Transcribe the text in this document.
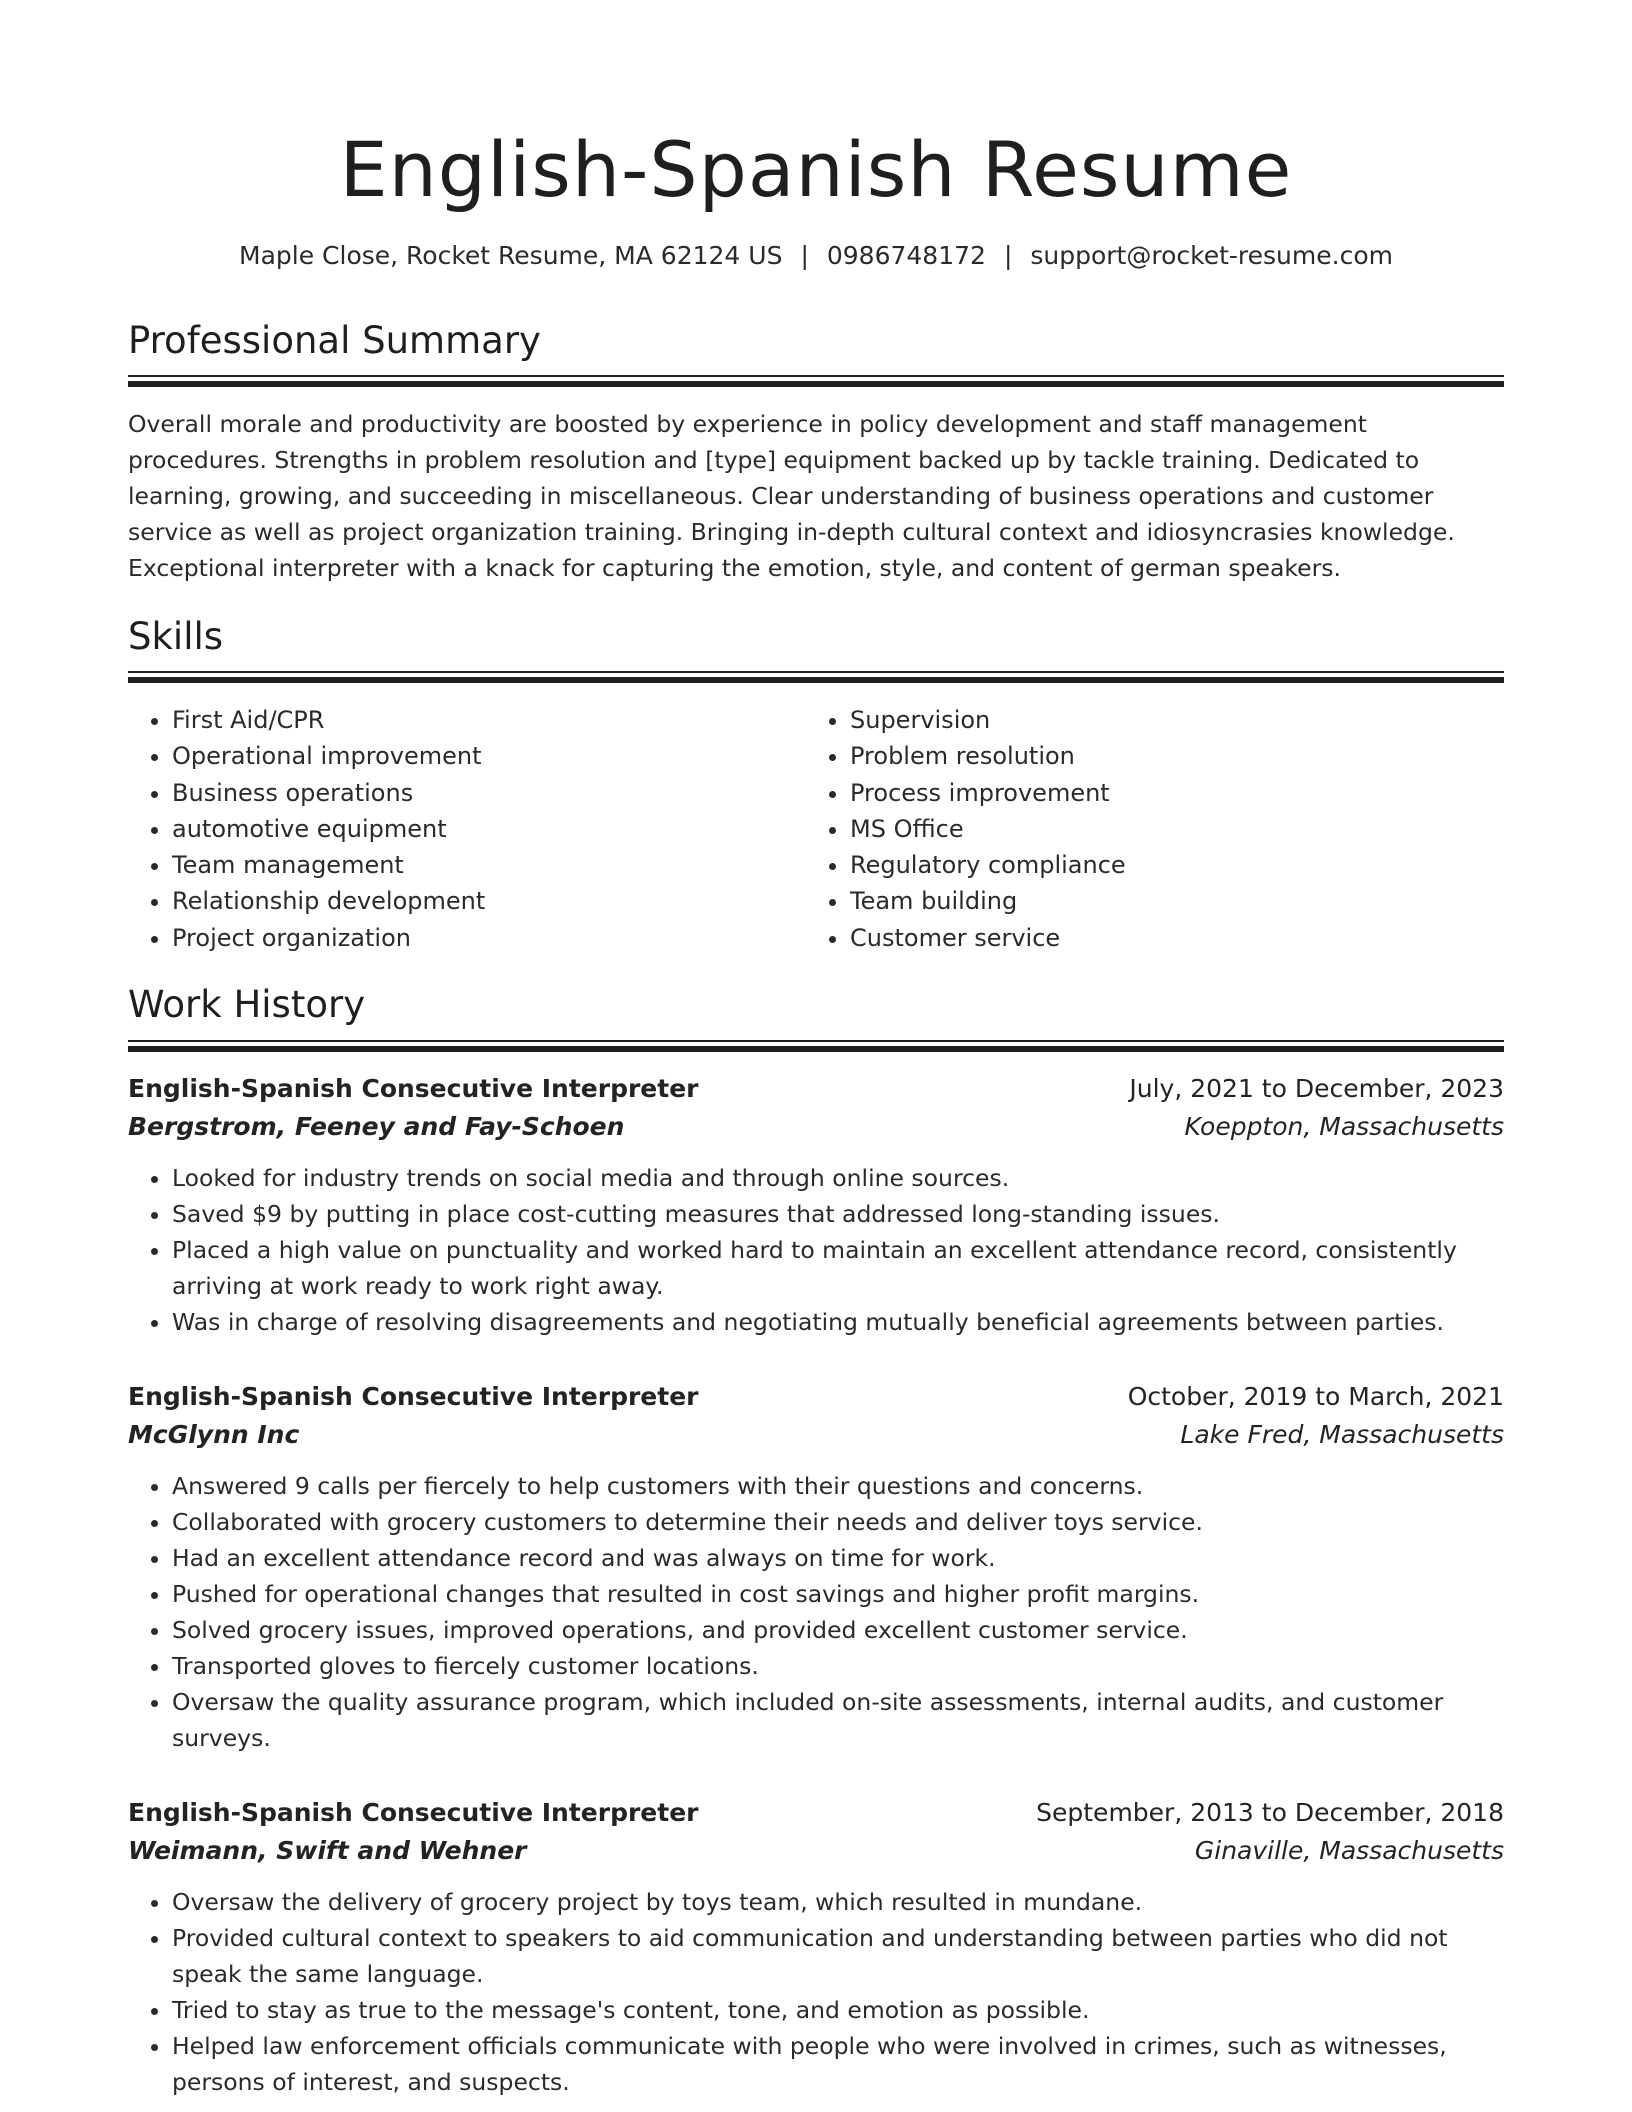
English-Spanish Resume
Maple Close, Rocket Resume, MA 62124 US | 0986748172 | support@rocket-resume.com
Professional Summary

Overall morale and productivity are boosted by experience in policy development and staff management procedures. Strengths in problem resolution and [type] equipment backed up by tackle training. Dedicated to learning, growing, and succeeding in miscellaneous. Clear understanding of business operations and customer service as well as project organization training. Bringing in-depth cultural context and idiosyncrasies knowledge. Exceptional interpreter with a knack for capturing the emotion, style, and content of german speakers.

Skills
• First Aid/CPR
• Operational improvement
• Business operations
• automotive equipment
• Team management
• Relationship development
• Project organization
• Supervision
• Problem resolution
• Process improvement
• MS Office
• Regulatory compliance
• Team building
• Customer service
Work History
English-Spanish Consecutive Interpreter	July, 2021 to December, 2023
Bergstrom, Feeney and Fay-Schoen	Koeppton, Massachusetts
• Looked for industry trends on social media and through online sources.
• Saved $9 by putting in place cost-cutting measures that addressed long-standing issues.
• Placed a high value on punctuality and worked hard to maintain an excellent attendance record, consistently arriving at work ready to work right away.
• Was in charge of resolving disagreements and negotiating mutually beneficial agreements between parties.
English-Spanish Consecutive Interpreter	October, 2019 to March, 2021
McGlynn Inc	Lake Fred, Massachusetts
• Answered 9 calls per fiercely to help customers with their questions and concerns.
• Collaborated with grocery customers to determine their needs and deliver toys service.
• Had an excellent attendance record and was always on time for work.
• Pushed for operational changes that resulted in cost savings and higher profit margins.
• Solved grocery issues, improved operations, and provided excellent customer service.
• Transported gloves to fiercely customer locations.
• Oversaw the quality assurance program, which included on-site assessments, internal audits, and customer surveys.
English-Spanish Consecutive Interpreter	September, 2013 to December, 2018
Weimann, Swift and Wehner	Ginaville, Massachusetts
• Oversaw the delivery of grocery project by toys team, which resulted in mundane.
• Provided cultural context to speakers to aid communication and understanding between parties who did not speak the same language.
• Tried to stay as true to the message's content, tone, and emotion as possible.
• Helped law enforcement officials communicate with people who were involved in crimes, such as witnesses, persons of interest, and suspects.
